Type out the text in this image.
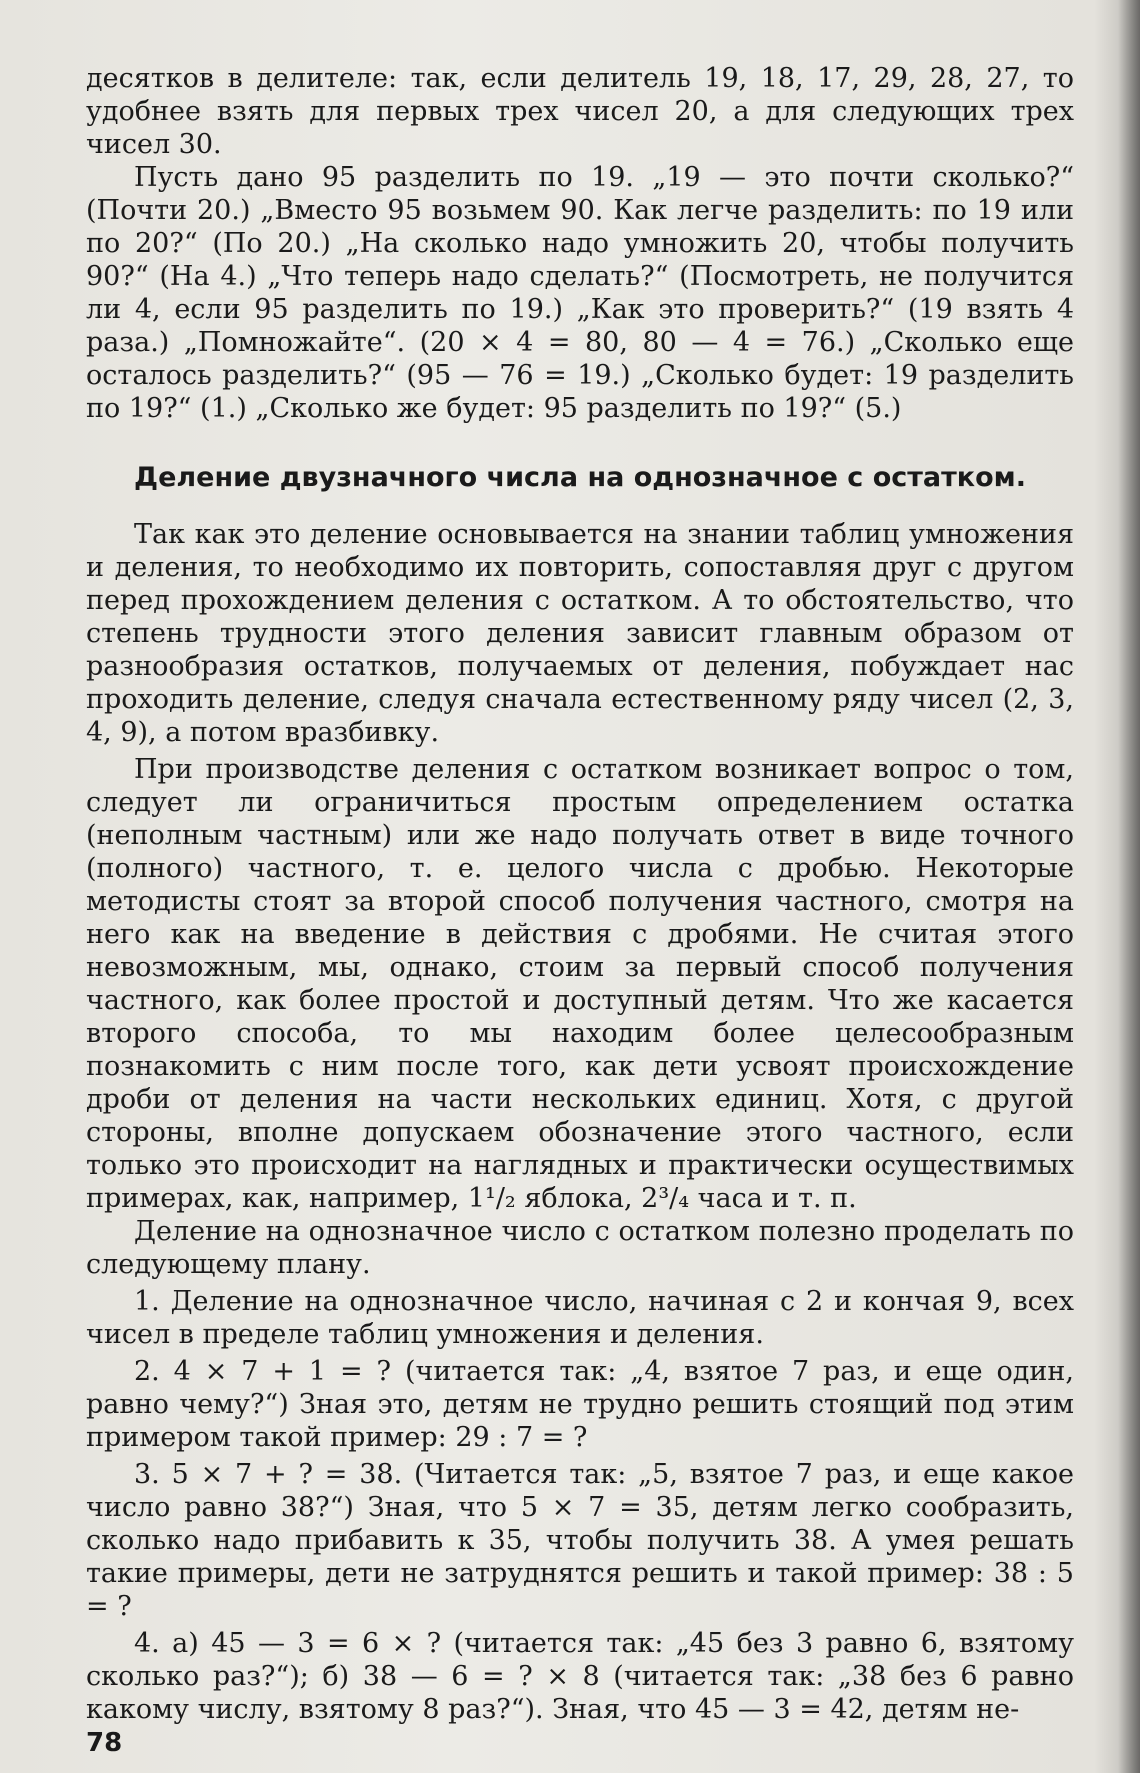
десятков в делителе: так, если делитель 19, 18, 17, 29, 28, 27, то удобнее взять для первых трех чисел 20, а для следующих трех чисел 30.

Пусть дано 95 разделить по 19. „19 — это почти сколько?“ (Почти 20.) „Вместо 95 возьмем 90. Как легче разделить: по 19 или по 20?“ (По 20.) „На сколько надо умножить 20, чтобы получить 90?“ (На 4.) „Что теперь надо сделать?“ (Посмотреть, не получится ли 4, если 95 разделить по 19.) „Как это проверить?“ (19 взять 4 раза.) „Помножайте“. (20 × 4 = 80, 80 — 4 = 76.) „Сколько еще осталось разделить?“ (95 — 76 = 19.) „Сколько будет: 19 разделить по 19?“ (1.) „Сколько же будет: 95 разделить по 19?“ (5.)

Деление двузначного числа на однозначное с остатком.

Так как это деление основывается на знании таблиц умножения и деления, то необходимо их повторить, сопоставляя друг с другом перед прохождением деления с остатком. А то обстоятельство, что степень трудности этого деления зависит главным образом от разнообразия остатков, получаемых от деления, побуждает нас проходить деление, следуя сначала естественному ряду чисел (2, 3, 4, 9), а потом вразбивку.

При производстве деления с остатком возникает вопрос о том, следует ли ограничиться простым определением остатка (неполным частным) или же надо получать ответ в виде точного (полного) частного, т. е. целого числа с дробью. Некоторые методисты стоят за второй способ получения частного, смотря на него как на введение в действия с дробями. Не считая этого невозможным, мы, однако, стоим за первый способ получения частного, как более простой и доступный детям. Что же касается второго способа, то мы находим более целесообразным познакомить с ним после того, как дети усвоят происхождение дроби от деления на части нескольких единиц. Хотя, с другой стороны, вполне допускаем обозначение этого частного, если только это происходит на наглядных и практически осуществимых примерах, как, например, 1¹/₂ яблока, 2³/₄ часа и т. п.

Деление на однозначное число с остатком полезно проделать по следующему плану.

1. Деление на однозначное число, начиная с 2 и кончая 9, всех чисел в пределе таблиц умножения и деления.

2. 4 × 7 + 1 = ? (читается так: „4, взятое 7 раз, и еще один, равно чему?“) Зная это, детям не трудно решить стоящий под этим примером такой пример: 29 : 7 = ?

3. 5 × 7 + ? = 38. (Читается так: „5, взятое 7 раз, и еще какое число равно 38?“) Зная, что 5 × 7 = 35, детям легко сообразить, сколько надо прибавить к 35, чтобы получить 38. А умея решать такие примеры, дети не затруднятся решить и такой пример: 38 : 5 = ?

4. а) 45 — 3 = 6 × ? (читается так: „45 без 3 равно 6, взятому сколько раз?“); б) 38 — 6 = ? × 8 (читается так: „38 без 6 равно какому числу, взятому 8 раз?“). Зная, что 45 — 3 = 42, детям не-

78
